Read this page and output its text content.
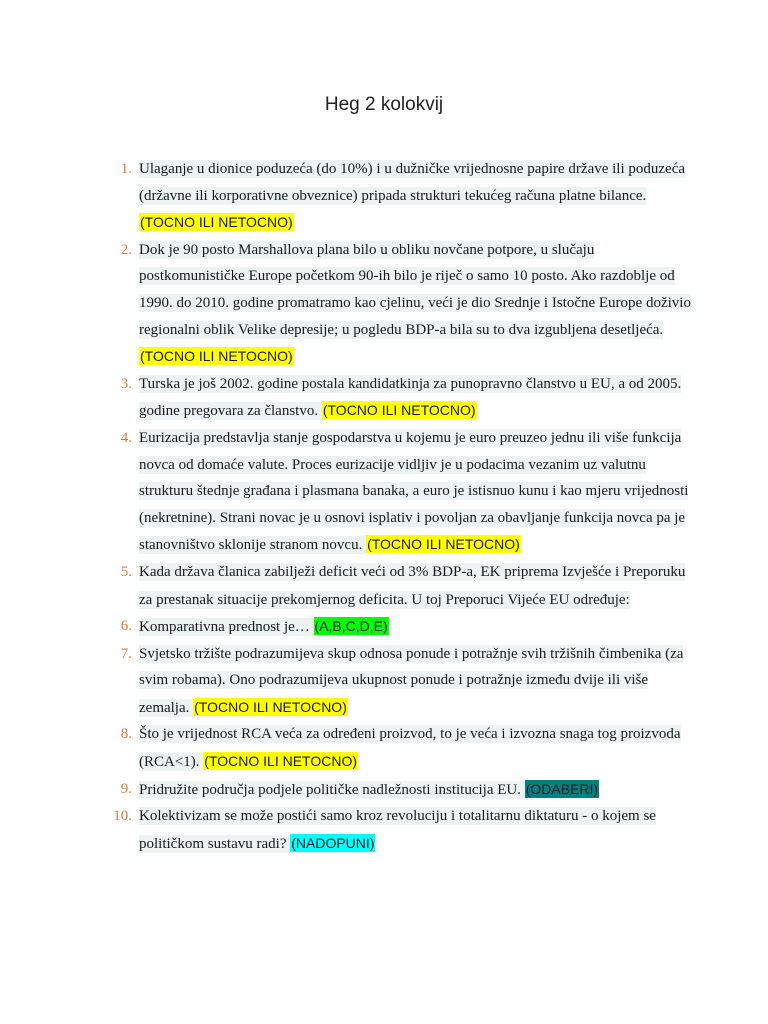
Heg 2 kolokvij
1. Ulaganje u dionice poduzeća (do 10%) i u dužničke vrijednosne papire države ili poduzeća (državne ili korporativne obveznice) pripada strukturi tekućeg računa platne bilance. (TOCNO ILI NETOCNO)
2. Dok je 90 posto Marshallova plana bilo u obliku novčane potpore, u slučaju postkomunističke Europe početkom 90-ih bilo je riječ o samo 10 posto. Ako razdoblje od 1990. do 2010. godine promatramo kao cjelinu, veći je dio Srednje i Istočne Europe doživio regionalni oblik Velike depresije; u pogledu BDP-a bila su to dva izgubljena desetljeća. (TOCNO ILI NETOCNO)
3. Turska je još 2002. godine postala kandidatkinja za punopravno članstvo u EU, a od 2005. godine pregovara za članstvo. (TOCNO ILI NETOCNO)
4. Eurizacija predstavlja stanje gospodarstva u kojemu je euro preuzeo jednu ili više funkcija novca od domaće valute. Proces eurizacije vidljiv je u podacima vezanim uz valutnu strukturu štednje građana i plasmana banaka, a euro je istisnuo kunu i kao mjeru vrijednosti (nekretnine). Strani novac je u osnovi isplativ i povoljan za obavljanje funkcija novca pa je stanovništvo sklonije stranom novcu. (TOCNO ILI NETOCNO)
5. Kada država članica zabilježi deficit veći od 3% BDP-a, EK priprema Izvješće i Preporuku za prestanak situacije prekomjernog deficita. U toj Preporuci Vijeće EU određuje:
6. Komparativna prednost je… (A,B,C,D,E)
7. Svjetsko tržište podrazumijeva skup odnosa ponude i potražnje svih tržišnih čimbenika (za svim robama). Ono podrazumijeva ukupnost ponude i potražnje između dvije ili više zemalja. (TOCNO ILI NETOCNO)
8. Što je vrijednost RCA veća za određeni proizvod, to je veća i izvozna snaga tog proizvoda (RCA<1). (TOCNO ILI NETOCNO)
9. Pridružite područja podjele političke nadležnosti institucija EU. (ODABERI)
10. Kolektivizam se može postići samo kroz revoluciju i totalitarnu diktaturu - o kojem se političkom sustavu radi? (NADOPUNI)
